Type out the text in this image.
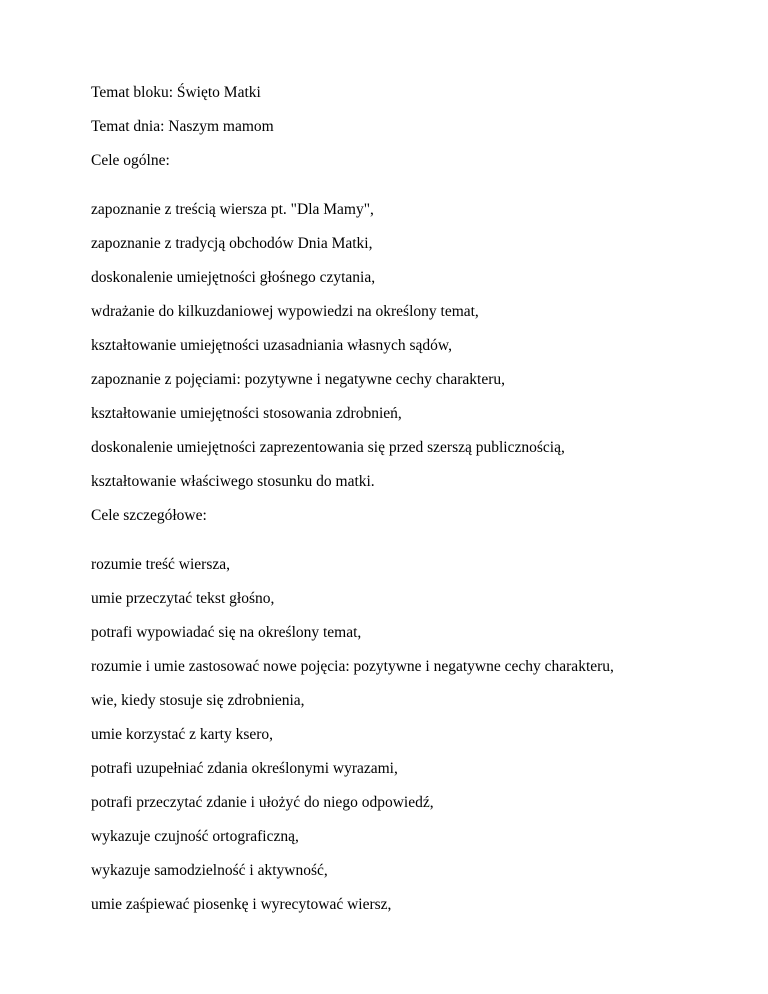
Temat bloku: Święto Matki

Temat dnia: Naszym mamom

Cele ogólne:

zapoznanie z treścią wiersza pt. "Dla Mamy",

zapoznanie z tradycją obchodów Dnia Matki,

doskonalenie umiejętności głośnego czytania,

wdrażanie do kilkuzdaniowej wypowiedzi na określony temat,

kształtowanie umiejętności uzasadniania własnych sądów,

zapoznanie z pojęciami: pozytywne i negatywne cechy charakteru,

kształtowanie umiejętności stosowania zdrobnień,

doskonalenie umiejętności zaprezentowania się przed szerszą publicznością,

kształtowanie właściwego stosunku do matki.

Cele szczegółowe:

rozumie treść wiersza,

umie przeczytać tekst głośno,

potrafi wypowiadać się na określony temat,

rozumie i umie zastosować nowe pojęcia: pozytywne i negatywne cechy charakteru,

wie, kiedy stosuje się zdrobnienia,

umie korzystać z karty ksero,

potrafi uzupełniać zdania określonymi wyrazami,

potrafi przeczytać zdanie i ułożyć do niego odpowiedź,

wykazuje czujność ortograficzną,

wykazuje samodzielność i aktywność,

umie zaśpiewać piosenkę i wyrecytować wiersz,
